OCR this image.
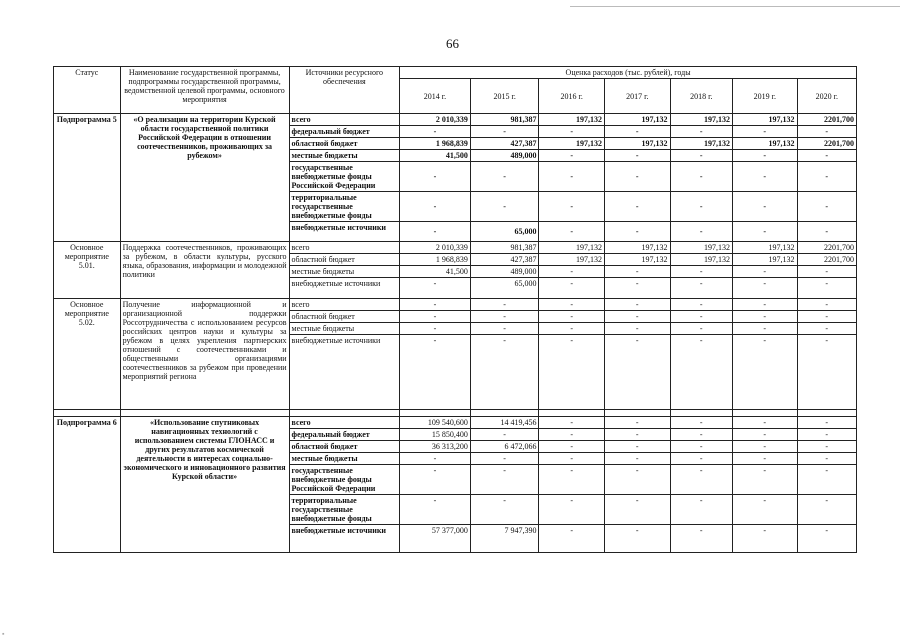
66
Статус	Наименование государственной программы, подпрограммы государственной программы, ведомственной целевой программы, основного мероприятия	Источники ресурсного обеспечения	Оценка расходов (тыс. рублей), годы						
			2014 г.	2015 г.	2016 г.	2017 г.	2018 г.	2019 г.	2020 г.
Подпрограмма 5	«О реализации на территории Курской области государственной политики Российской Федерации в отношении соотечественников, проживающих за рубежом»	всего	2 010,339	981,387	197,132	197,132	197,132	197,132	2201,700
		федеральный бюджет	-	-	-	-	-	-	-
		областной бюджет	1 968,839	427,387	197,132	197,132	197,132	197,132	2201,700
		местные бюджеты	41,500	489,000	-	-	-	-	-
		государственные внебюджетные фонды Российской Федерации	-	-	-	-	-	-	-
		территориальные государственные внебюджетные фонды	-	-	-	-	-	-	-
		внебюджетные источники	-	65,000	-	-	-	-	-
Основное мероприятие 5.01.	Поддержка соотечественников, проживающих за рубежом, в области культуры, русского языка, образования, информации и молодежной политики	всего	2 010,339	981,387	197,132	197,132	197,132	197,132	2201,700
		областной бюджет	1 968,839	427,387	197,132	197,132	197,132	197,132	2201,700
		местные бюджеты	41,500	489,000	-	-	-	-	-
		внебюджетные источники	-	65,000	-	-	-	-	-
Основное мероприятие 5.02.	Получение информационной и организационной поддержки Россотрудничества с использованием ресурсов российских центров науки и культуры за рубежом в целях укрепления партнерских отношений с соотечественниками и общественными организациями соотечественников за рубежом при проведении мероприятий региона	всего	-	-	-	-	-	-	-
		областной бюджет	-	-	-	-	-	-	-
		местные бюджеты	-	-	-	-	-	-	-
		внебюджетные источники	-	-	-	-	-	-	-

Подпрограмма 6	«Использование спутниковых навигационных технологий с использованием системы ГЛОНАСС и других результатов космической деятельности в интересах социально-экономического и инновационного развития Курской области»	всего	109 540,600	14 419,456	-	-	-	-	-
		федеральный бюджет	15 850,400	-	-	-	-	-	-
		областной бюджет	36 313,200	6 472,066	-	-	-	-	-
		местные бюджеты	-	-	-	-	-	-	-
		государственные внебюджетные фонды Российской Федерации	-	-	-	-	-	-	-
		территориальные государственные внебюджетные фонды	-	-	-	-	-	-	-
		внебюджетные источники	57 377,000	7 947,390	-	-	-	-	-
▪
